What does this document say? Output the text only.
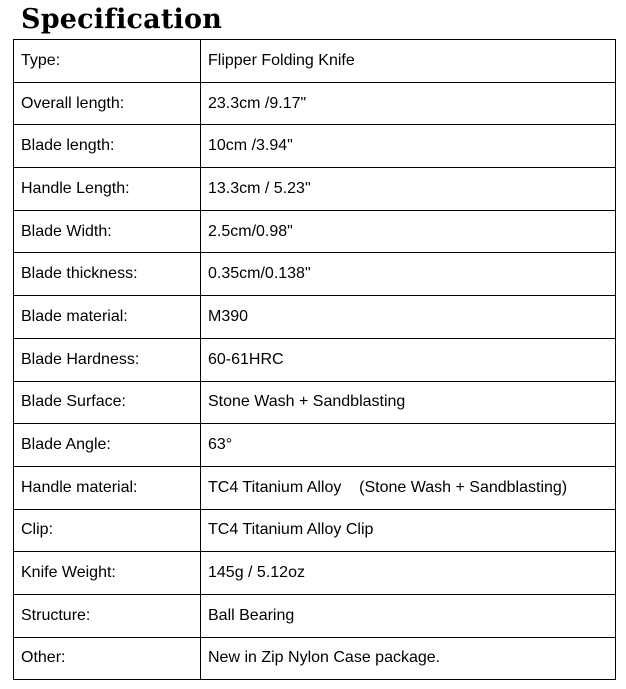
Specification
Type:	Flipper Folding Knife
Overall length:	23.3cm /9.17"
Blade length:	10cm /3.94"
Handle Length:	13.3cm / 5.23"
Blade Width:	2.5cm/0.98"
Blade thickness:	0.35cm/0.138"
Blade material:	M390
Blade Hardness:	60-61HRC
Blade Surface:	Stone Wash + Sandblasting
Blade Angle:	63°
Handle material:	TC4 Titanium Alloy    (Stone Wash + Sandblasting)
Clip:	TC4 Titanium Alloy Clip
Knife Weight:	145g / 5.12oz
Structure:	Ball Bearing
Other:	New in Zip Nylon Case package.
